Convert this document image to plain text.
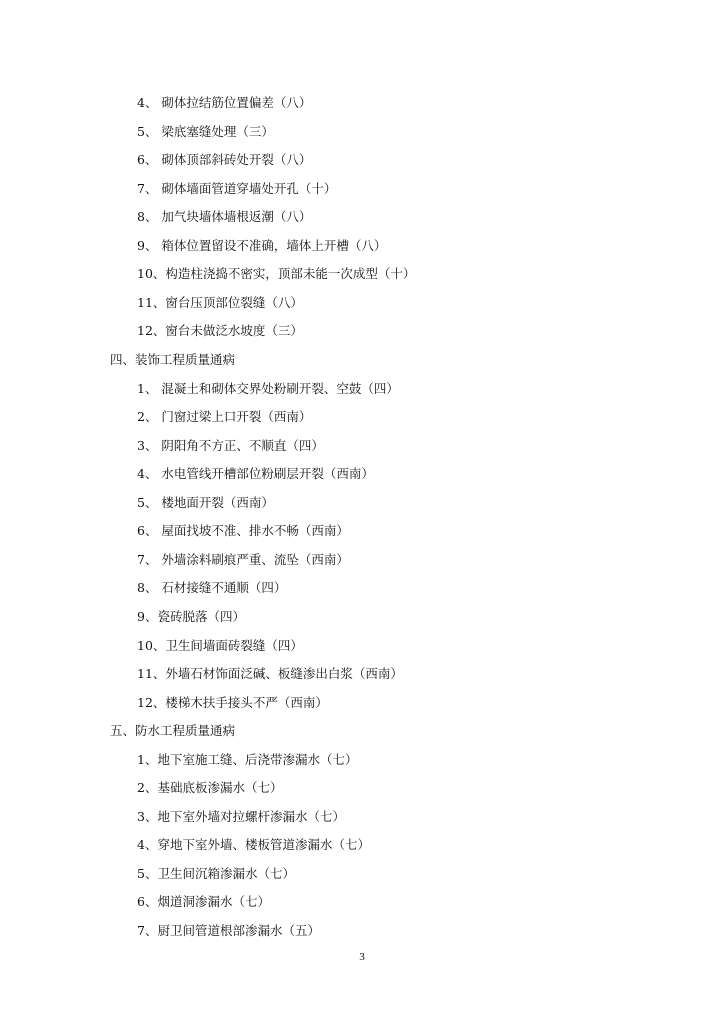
4、 砌体拉结筋位置偏差（八）
5、 梁底塞缝处理（三）
6、 砌体顶部斜砖处开裂（八）
7、 砌体墙面管道穿墙处开孔（十）
8、 加气块墙体墙根返潮（八）
9、 箱体位置留设不准确，墙体上开槽（八）
10、构造柱浇捣不密实，顶部未能一次成型（十）
11、窗台压顶部位裂缝（八）
12、窗台未做泛水坡度（三）
四、装饰工程质量通病
1、 混凝土和砌体交界处粉刷开裂、空鼓（四）
2、 门窗过梁上口开裂（西南）
3、 阴阳角不方正、不顺直（四）
4、 水电管线开槽部位粉刷层开裂（西南）
5、 楼地面开裂（西南）
6、 屋面找坡不准、排水不畅（西南）
7、 外墙涂料刷痕严重、流坠（西南）
8、 石材接缝不通顺（四）
9、瓷砖脱落（四）
10、卫生间墙面砖裂缝（四）
11、外墙石材饰面泛碱、板缝渗出白浆（西南）
12、楼梯木扶手接头不严（西南）
五、防水工程质量通病
1、地下室施工缝、后浇带渗漏水（七）
2、基础底板渗漏水（七）
3、地下室外墙对拉螺杆渗漏水（七）
4、穿地下室外墙、楼板管道渗漏水（七）
5、卫生间沉箱渗漏水（七）
6、烟道洞渗漏水（七）
7、厨卫间管道根部渗漏水（五）
3
